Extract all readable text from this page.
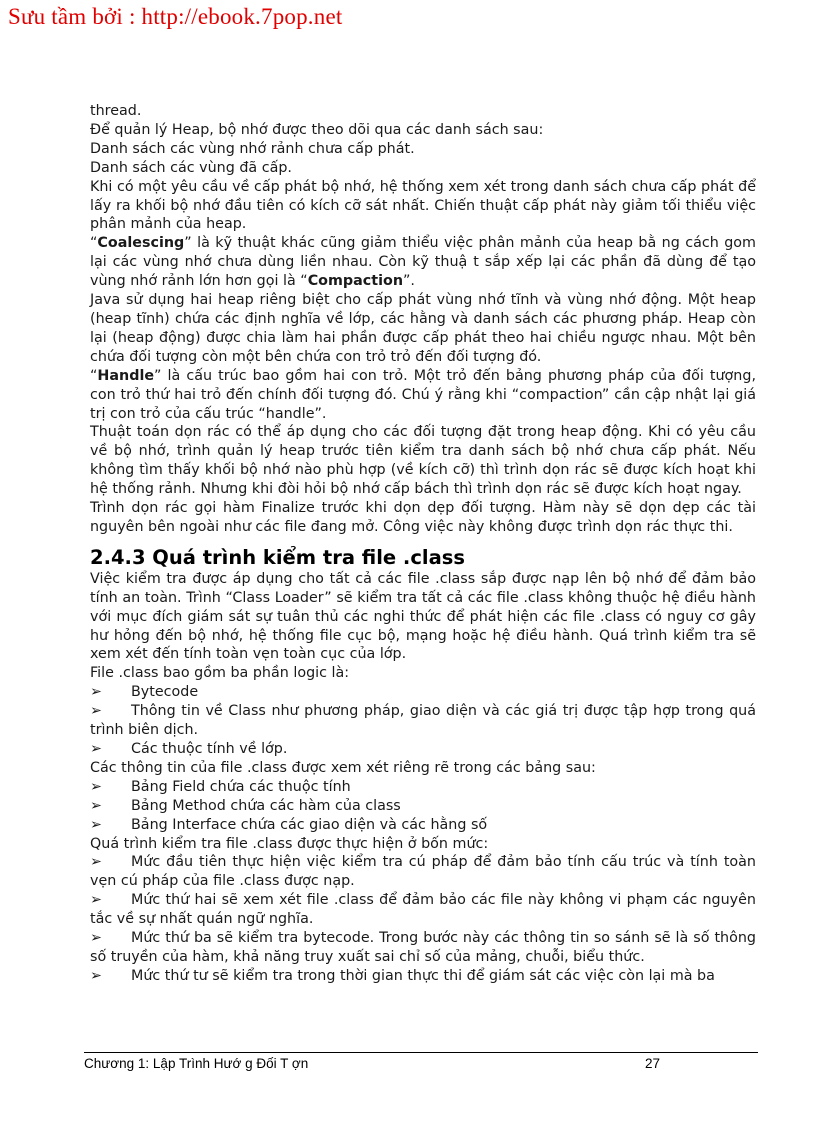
Sưu tầm bởi : http://ebook.7pop.net

thread.

Để quản lý Heap, bộ nhớ được theo dõi qua các danh sách sau:

Danh sách các vùng nhớ rảnh chưa cấp phát.

Danh sách các vùng đã cấp.

Khi có một yêu cầu về cấp phát bộ nhớ, hệ thống xem xét trong danh sách chưa cấp phát để lấy ra khối bộ nhớ đầu tiên có kích cỡ sát nhất. Chiến thuật cấp phát này giảm tối thiểu việc phân mảnh của heap.

“Coalescing” là kỹ thuật khác cũng giảm thiểu việc phân mảnh của heap bằ ng cách gom lại các vùng nhớ chưa dùng liền nhau. Còn kỹ thuậ t sắp xếp lại các phần đã dùng để tạo vùng nhớ rảnh lớn hơn gọi là “Compaction”.

Java sử dụng hai heap riêng biệt cho cấp phát vùng nhớ tĩnh và vùng nhớ động. Một heap (heap tĩnh) chứa các định nghĩa về lớp, các hằng và danh sách các phương pháp. Heap còn lại (heap động) được chia làm hai phần được cấp phát theo hai chiều ngược nhau. Một bên chứa đối tượng còn một bên chứa con trỏ trỏ đến đối tượng đó.

“Handle” là cấu trúc bao gồm hai con trỏ. Một trỏ đến bảng phương pháp của đối tượng, con trỏ thứ hai trỏ đến chính đối tượng đó. Chú ý rằng khi “compaction” cần cập nhật lại giá trị con trỏ của cấu trúc “handle”.

Thuật toán dọn rác có thể áp dụng cho các đối tượng đặt trong heap động. Khi có yêu cầu về bộ nhớ, trình quản lý heap trước tiên kiểm tra danh sách bộ nhớ chưa cấp phát. Nếu không tìm thấy khối bộ nhớ nào phù hợp (về kích cỡ) thì trình dọn rác sẽ được kích hoạt khi hệ thống rảnh. Nhưng khi đòi hỏi bộ nhớ cấp bách thì trình dọn rác sẽ được kích hoạt ngay.

Trình dọn rác gọi hàm Finalize trước khi dọn dẹp đối tượng. Hàm này sẽ dọn dẹp các tài nguyên bên ngoài như các file đang mở. Công việc này không được trình dọn rác thực thi.

2.4.3 Quá trình kiểm tra file .class

Việc kiểm tra được áp dụng cho tất cả các file .class sắp được nạp lên bộ nhớ để đảm bảo tính an toàn. Trình “Class Loader” sẽ kiểm tra tất cả các file .class không thuộc hệ điều hành với mục đích giám sát sự tuân thủ các nghi thức để phát hiện các file .class có nguy cơ gây hư hỏng đến bộ nhớ, hệ thống file cục bộ, mạng hoặc hệ điều hành. Quá trình kiểm tra sẽ xem xét đến tính toàn vẹn toàn cục của lớp.

File .class bao gồm ba phần logic là:

➢ Bytecode

➢ Thông tin về Class như phương pháp, giao diện và các giá trị được tập hợp trong quá trình biên dịch.

➢ Các thuộc tính về lớp.

Các thông tin của file .class được xem xét riêng rẽ trong các bảng sau:

➢ Bảng Field chứa các thuộc tính

➢ Bảng Method chứa các hàm của class

➢ Bảng Interface chứa các giao diện và các hằng số

Quá trình kiểm tra file .class được thực hiện ở bốn mức:

➢ Mức đầu tiên thực hiện việc kiểm tra cú pháp để đảm bảo tính cấu trúc và tính toàn vẹn cú pháp của file .class được nạp.

➢ Mức thứ hai sẽ xem xét file .class để đảm bảo các file này không vi phạm các nguyên tắc về sự nhất quán ngữ nghĩa.

➢ Mức thứ ba sẽ kiểm tra bytecode. Trong bước này các thông tin so sánh sẽ là số thông số truyền của hàm, khả năng truy xuất sai chỉ số của mảng, chuỗi, biểu thức.

➢ Mức thứ tư sẽ kiểm tra trong thời gian thực thi để giám sát các việc còn lại mà ba

Chương 1: Lập Trình Hướ g Đối T ợn	27
